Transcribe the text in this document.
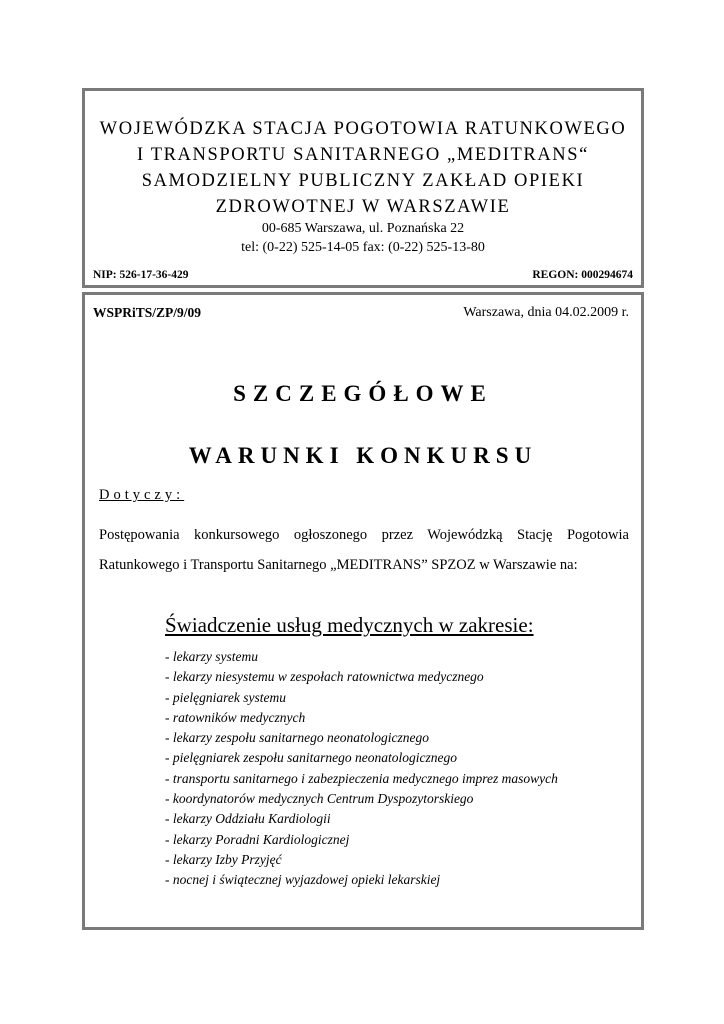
WOJEWÓDZKA STACJA POGOTOWIA RATUNKOWEGO
I TRANSPORTU SANITARNEGO „MEDITRANS“
SAMODZIELNY PUBLICZNY ZAKŁAD OPIEKI
ZDROWOTNEJ W WARSZAWIE
00-685 Warszawa, ul. Poznańska 22
tel: (0-22) 525-14-05 fax: (0-22) 525-13-80
NIP: 526-17-36-429	REGON: 000294674
WSPRiTS/ZP/9/09	Warszawa, dnia 04.02.2009 r.
SZCZEGÓŁOWE
WARUNKI KONKURSU
Dotyczy:
Postępowania konkursowego ogłoszonego przez Wojewódzką Stację Pogotowia
Ratunkowego i Transportu Sanitarnego „MEDITRANS” SPZOZ w Warszawie na:
Świadczenie usług medycznych w zakresie:
- lekarzy systemu
- lekarzy niesystemu w zespołach ratownictwa medycznego
- pielęgniarek systemu
- ratowników medycznych
- lekarzy zespołu sanitarnego neonatologicznego
- pielęgniarek zespołu sanitarnego neonatologicznego
- transportu sanitarnego i zabezpieczenia medycznego imprez masowych
- koordynatorów medycznych Centrum Dyspozytorskiego
- lekarzy Oddziału Kardiologii
- lekarzy Poradni Kardiologicznej
- lekarzy Izby Przyjęć
- nocnej i świątecznej wyjazdowej opieki lekarskiej
